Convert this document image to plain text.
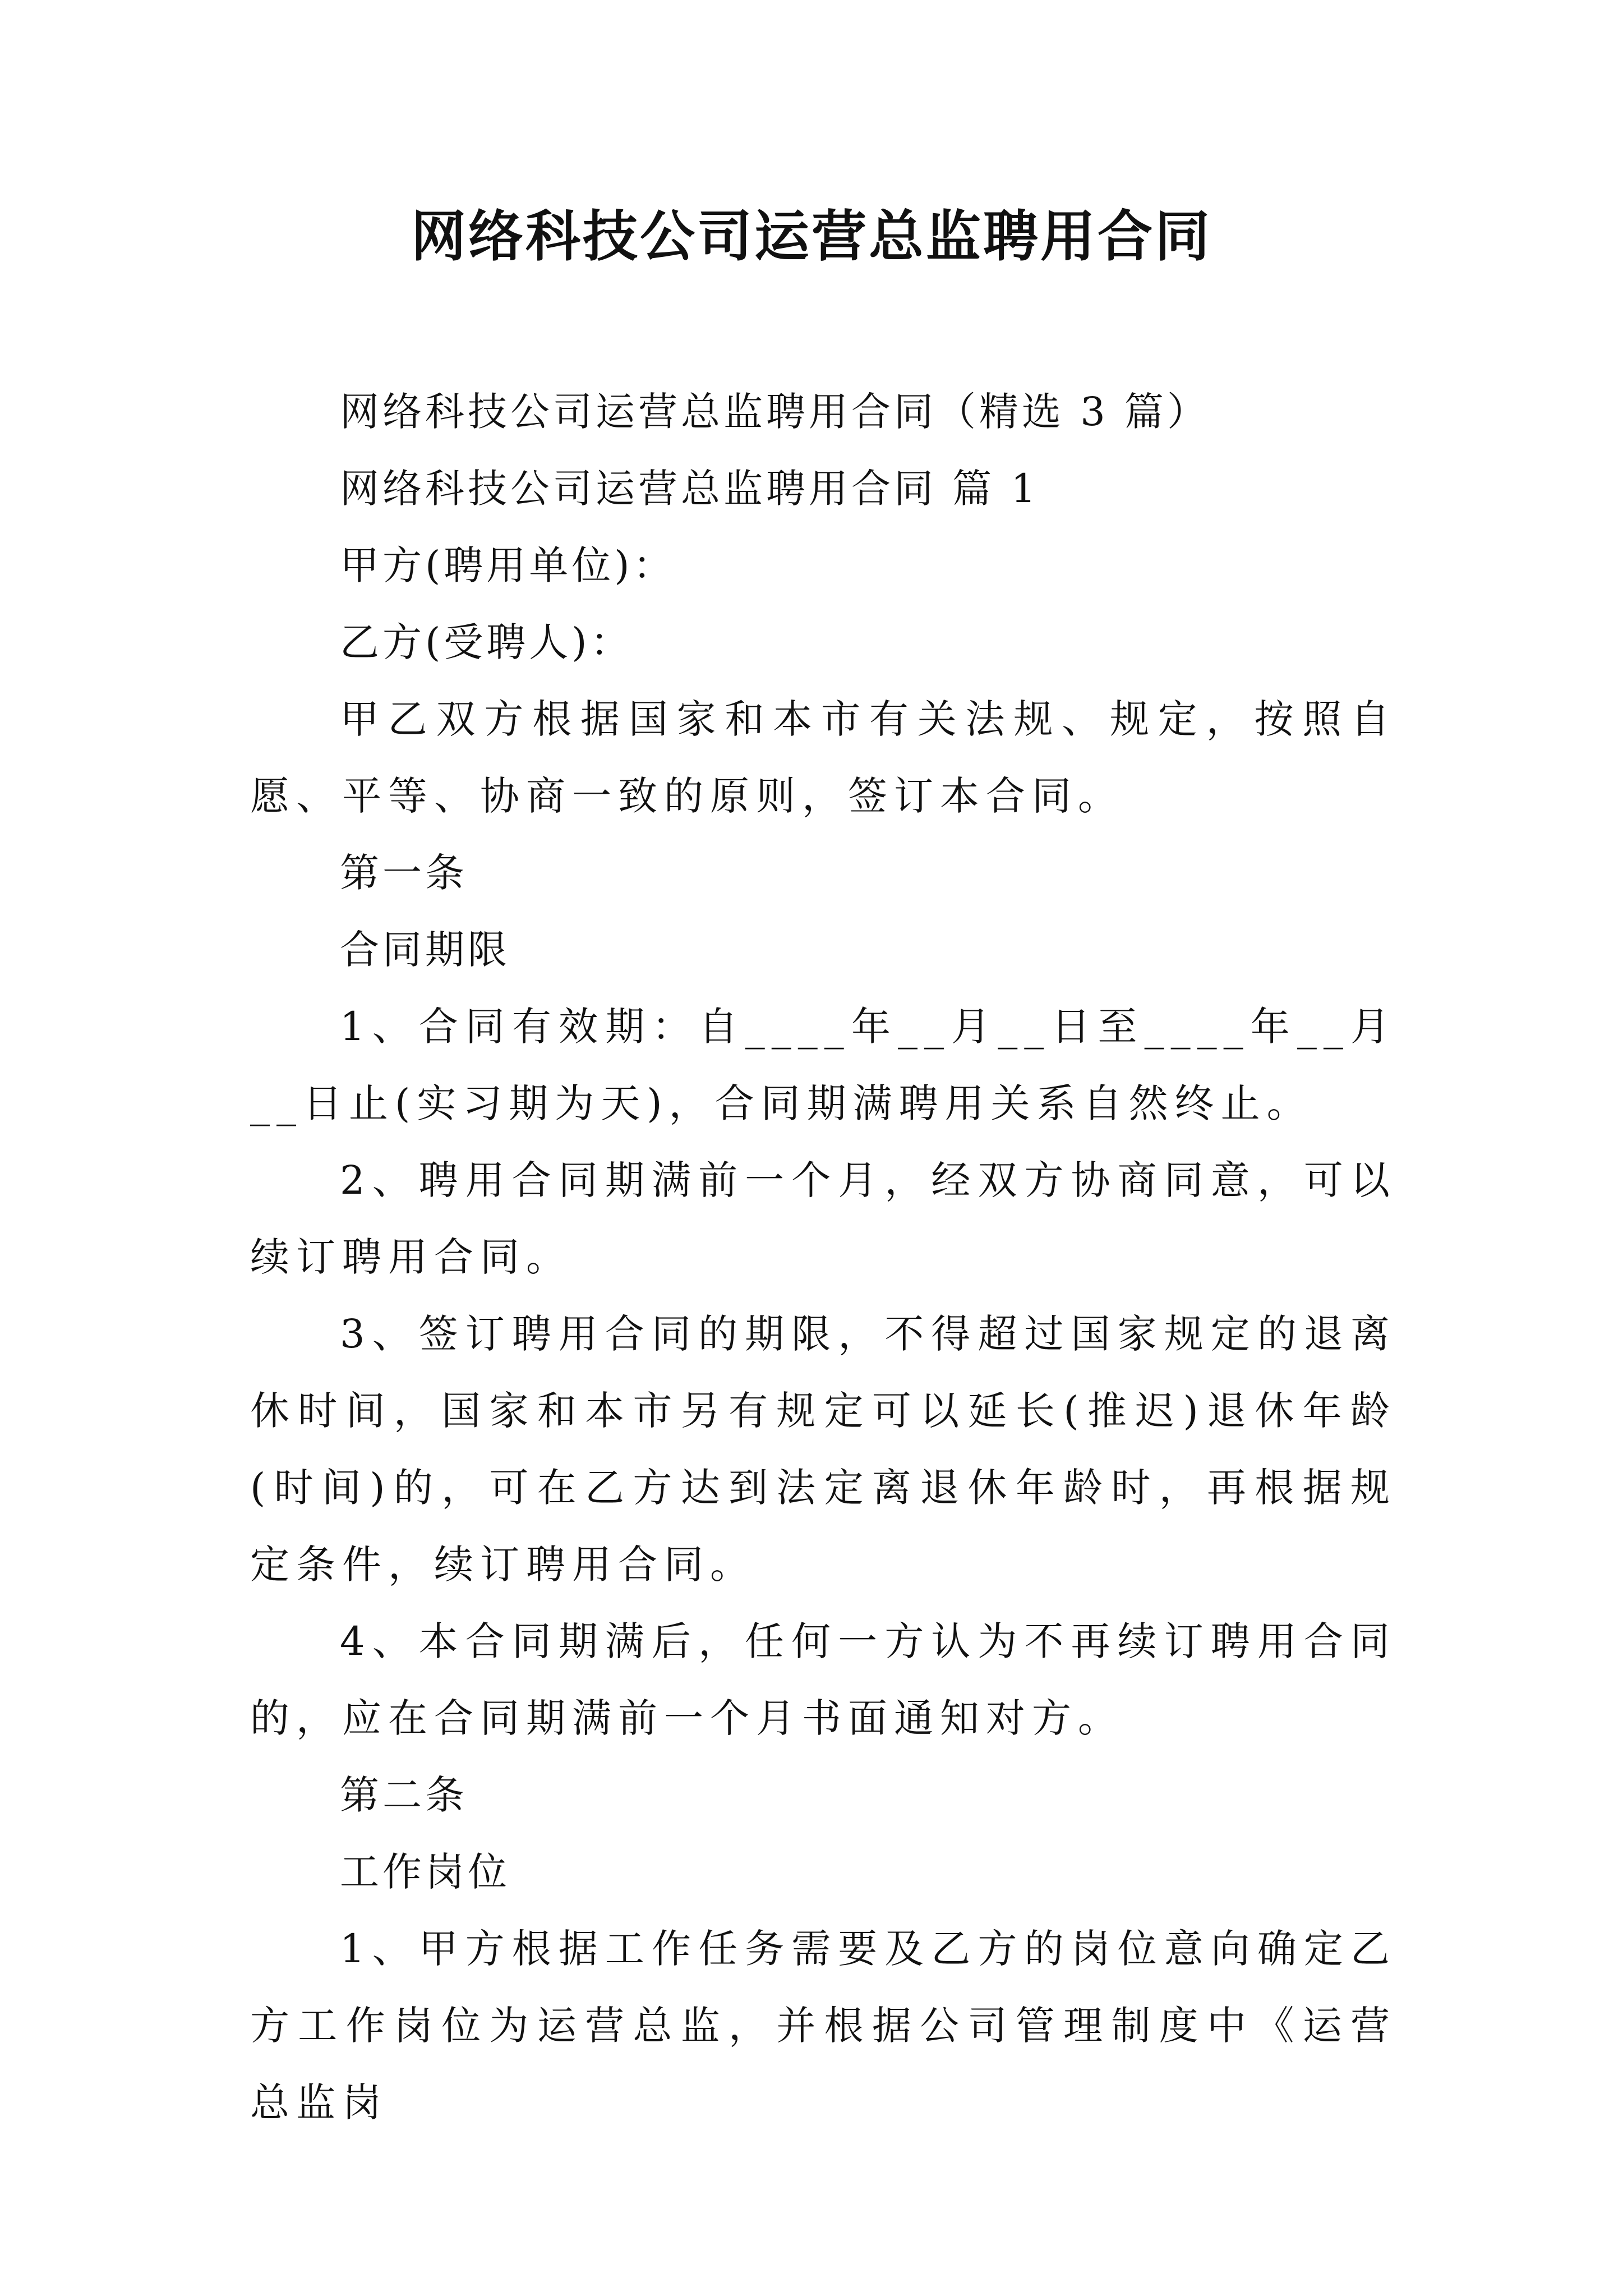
网络科技公司运营总监聘用合同

网络科技公司运营总监聘用合同（精选 3 篇）

网络科技公司运营总监聘用合同 篇 1

甲方(聘用单位)：

乙方(受聘人)：

甲乙双方根据国家和本市有关法规、规定，按照自愿、平等、协商一致的原则，签订本合同。

第一条

合同期限

1、合同有效期：自____年__月__日至____年__月__日止(实习期为天)，合同期满聘用关系自然终止。

2、聘用合同期满前一个月，经双方协商同意，可以续订聘用合同。

3、签订聘用合同的期限，不得超过国家规定的退离休时间，国家和本市另有规定可以延长(推迟)退休年龄(时间)的，可在乙方达到法定离退休年龄时，再根据规定条件，续订聘用合同。

4、本合同期满后，任何一方认为不再续订聘用合同的，应在合同期满前一个月书面通知对方。

第二条

工作岗位

1、甲方根据工作任务需要及乙方的岗位意向确定乙方工作岗位为运营总监，并根据公司管理制度中《运营总监岗
